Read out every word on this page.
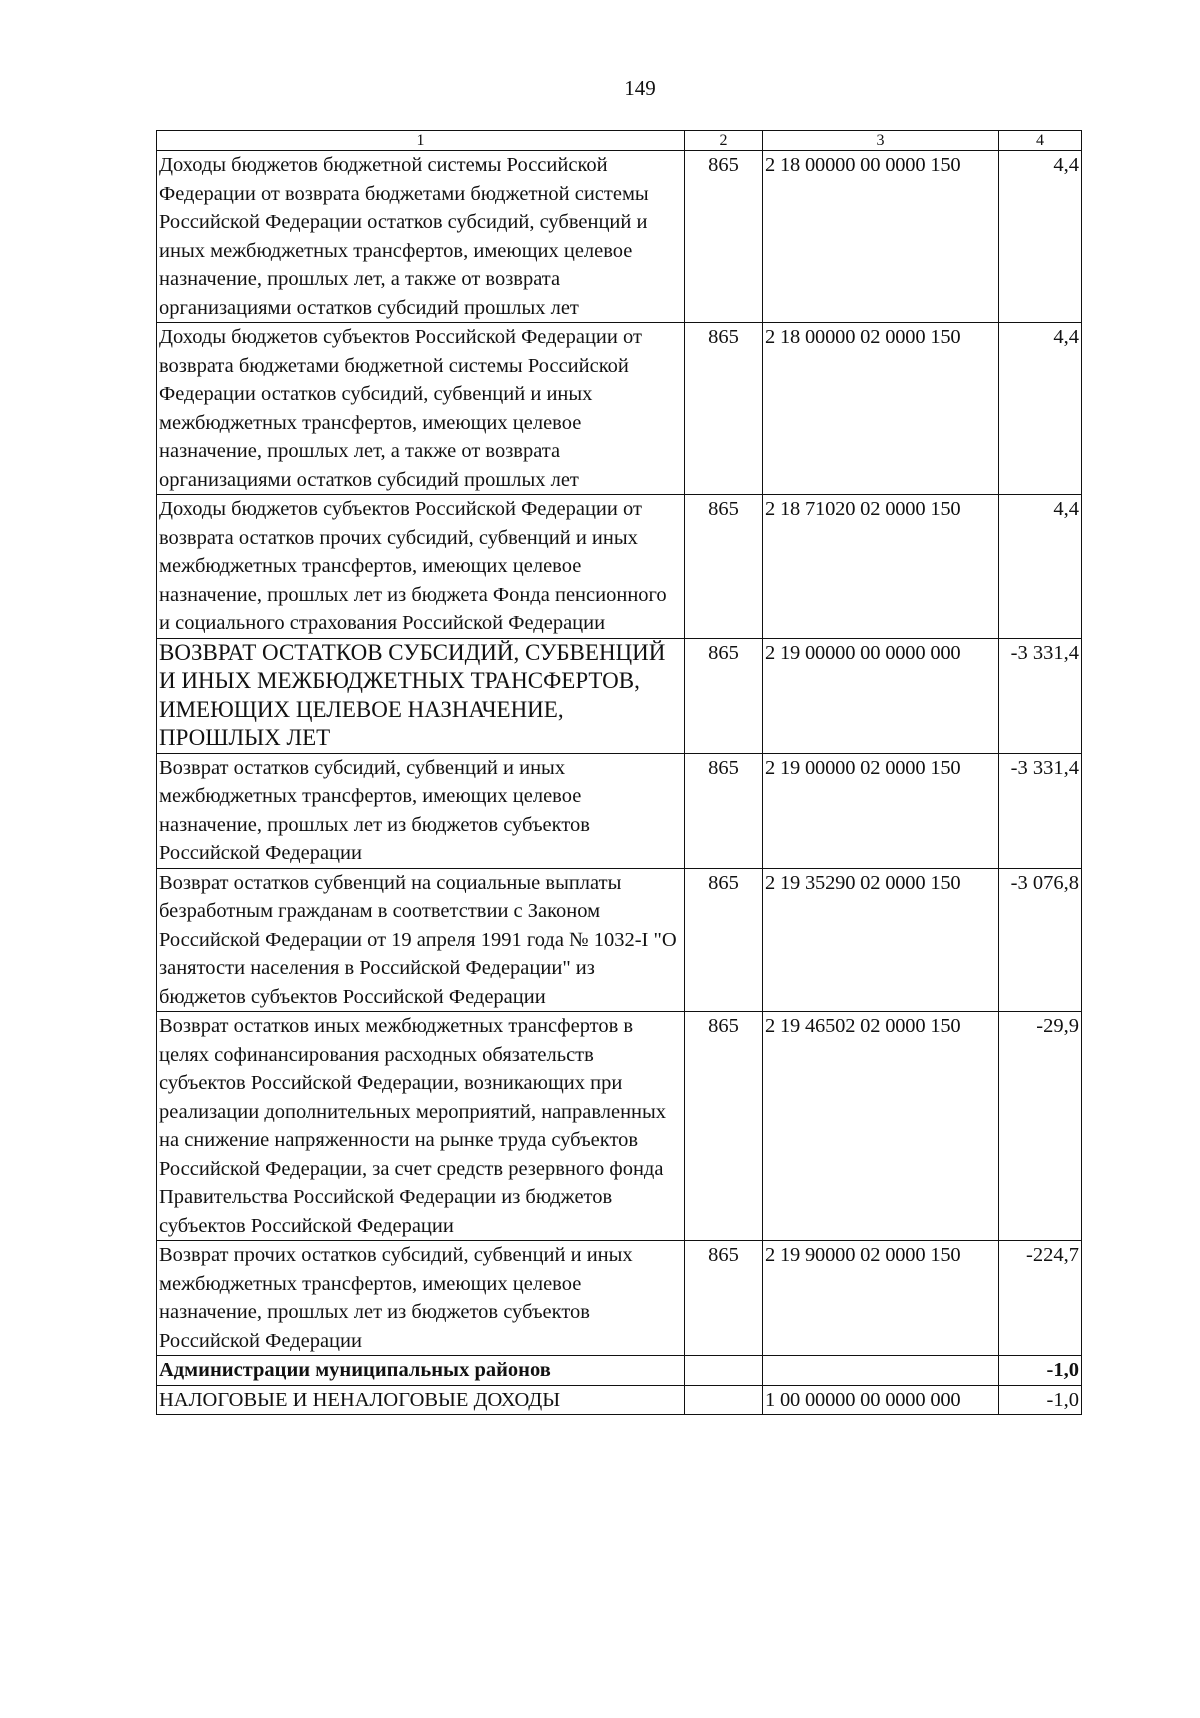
149
1	2	3	4
Доходы бюджетов бюджетной системы Российской Федерации от возврата бюджетами бюджетной системы Российской Федерации остатков субсидий, субвенций и иных межбюджетных трансфертов, имеющих целевое назначение, прошлых лет, а также от возврата организациями остатков субсидий прошлых лет	865	2 18 00000 00 0000 150	4,4
Доходы бюджетов субъектов Российской Федерации от возврата бюджетами бюджетной системы Российской Федерации остатков субсидий, субвенций и иных межбюджетных трансфертов, имеющих целевое назначение, прошлых лет, а также от возврата организациями остатков субсидий прошлых лет	865	2 18 00000 02 0000 150	4,4
Доходы бюджетов субъектов Российской Федерации от возврата остатков прочих субсидий, субвенций и иных межбюджетных трансфертов, имеющих целевое назначение, прошлых лет из бюджета Фонда пенсионного и социального страхования Российской Федерации	865	2 18 71020 02 0000 150	4,4
ВОЗВРАТ ОСТАТКОВ СУБСИДИЙ, СУБВЕНЦИЙ И ИНЫХ МЕЖБЮДЖЕТНЫХ ТРАНСФЕРТОВ, ИМЕЮЩИХ ЦЕЛЕВОЕ НАЗНАЧЕНИЕ, ПРОШЛЫХ ЛЕТ	865	2 19 00000 00 0000 000	-3 331,4
Возврат остатков субсидий, субвенций и иных межбюджетных трансфертов, имеющих целевое назначение, прошлых лет из бюджетов субъектов Российской Федерации	865	2 19 00000 02 0000 150	-3 331,4
Возврат остатков субвенций на социальные выплаты безработным гражданам в соответствии с Законом Российской Федерации от 19 апреля 1991 года № 1032-I "О занятости населения в Российской Федерации" из бюджетов субъектов Российской Федерации	865	2 19 35290 02 0000 150	-3 076,8
Возврат остатков иных межбюджетных трансфертов в целях софинансирования расходных обязательств субъектов Российской Федерации, возникающих при реализации дополнительных мероприятий, направленных на снижение напряженности на рынке труда субъектов Российской Федерации, за счет средств резервного фонда Правительства Российской Федерации из бюджетов субъектов Российской Федерации	865	2 19 46502 02 0000 150	-29,9
Возврат прочих остатков субсидий, субвенций и иных межбюджетных трансфертов, имеющих целевое назначение, прошлых лет из бюджетов субъектов Российской Федерации	865	2 19 90000 02 0000 150	-224,7
Администрации муниципальных районов			-1,0
НАЛОГОВЫЕ И НЕНАЛОГОВЫЕ ДОХОДЫ		1 00 00000 00 0000 000	-1,0
